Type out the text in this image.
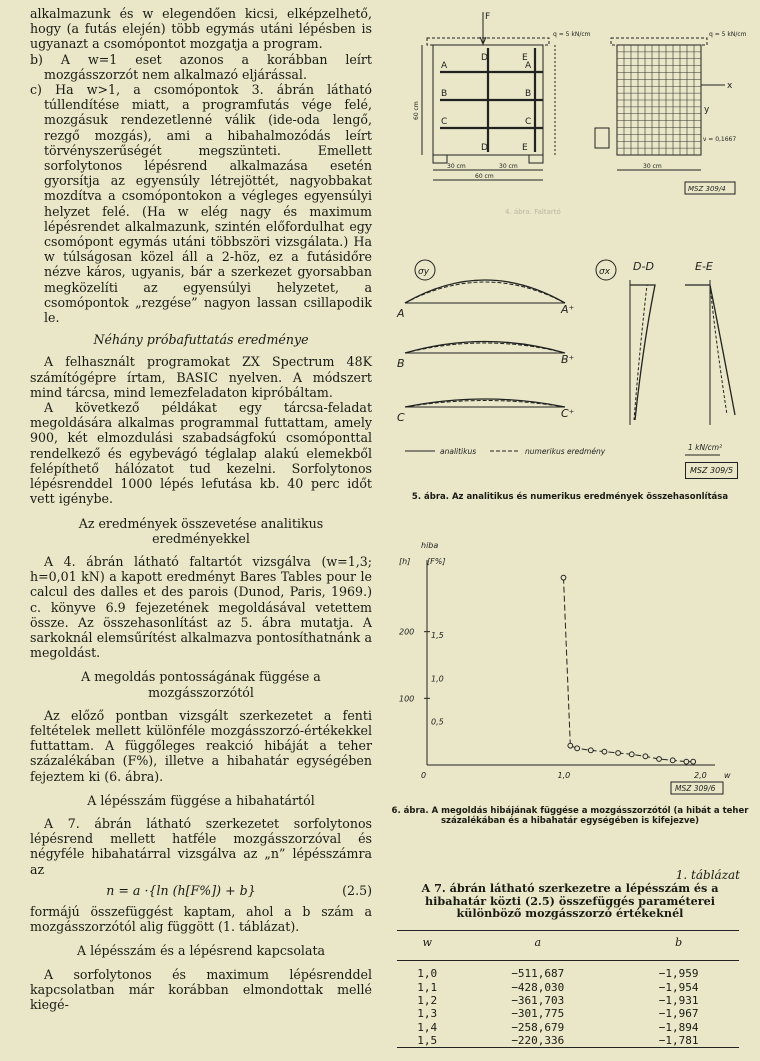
alkalmazunk és w elegendően kicsi, elképzelhető, hogy (a futás elején) több egymás utáni lépésben is ugyanazt a csomópontot mozgatja a program.

b) A w=1 eset azonos a korábban leírt mozgásszorzót nem alkalmazó eljárással.

c) Ha w>1, a csomópontok 3. ábrán látható túllendítése miatt, a programfutás vége felé, mozgásuk rendezetlenné válik (ide-oda lengő, rezgő mozgás), ami a hibahalmozódás leírt törvényszerűségét megszünteti. Emellett sorfolytonos lépésrend alkalmazása esetén gyorsítja az egyensúly létrejöttét, nagyobbakat mozdítva a csomópontokon a végleges egyensúlyi helyzet felé. (Ha w elég nagy és maximum lépésrendet alkalmazunk, szintén előfordulhat egy csomópont egymás utáni többszöri vizsgálata.) Ha w túlságosan közel áll a 2-höz, ez a futásidőre nézve káros, ugyanis, bár a szerkezet gyorsabban megközelíti az egyensúlyi helyzetet, a csomópontok „rezgése” nagyon lassan csillapodik le.

Néhány próbafuttatás eredménye

A felhasznált programokat ZX Spectrum 48K számítógépre írtam, BASIC nyelven. A módszert mind tárcsa, mind lemezfeladaton kipróbáltam.

A következő példákat egy tárcsa-feladat megoldására alkalmas programmal futtattam, amely 900, két elmozdulási szabadságfokú csomóponttal rendelkező és egybevágó téglalap alakú elemekből felépíthető hálózatot tud kezelni. Sorfolytonos lépésrenddel 1000 lépés lefutása kb. 40 perc időt vett igénybe.

Az eredmények összevetése analitikus eredményekkel

A 4. ábrán látható faltartót vizsgálva (w=1,3; h=0,01 kN) a kapott eredményt Bares Tables pour le calcul des dalles et des parois (Dunod, Paris, 1969.) c. könyve 6.9 fejezetének megoldásával vetettem össze. Az összehasonlítást az 5. ábra mutatja. A sarkoknál elemsűrítést alkalmazva pontosíthatnánk a megoldást.

A megoldás pontosságának függése a mozgásszorzótól

Az előző pontban vizsgált szerkezetet a fenti feltételek mellett különféle mozgásszorzó-értékekkel futtattam. A függőleges reakció hibáját a teher százalékában (F%), illetve a hibahatár egységében fejeztem ki (6. ábra).

A lépésszám függése a hibahatártól

A 7. ábrán látható szerkezetet sorfolytonos lépésrend mellett hatféle mozgásszorzóval és négyféle hibahatárral vizsgálva az „n” lépésszámra az

n = a ·{ln (h[F%]) + b}	(2.5)

formájú összefüggést kaptam, ahol a b szám a mozgásszorzótól alig függött (1. táblázat).

A lépésszám és a lépésrend kapcsolata

A sorfolytonos és maximum lépésrenddel kapcsolatban már korábban elmondottak mellé kiegé-

F
q = 5 kN/cm	q = 5 kN/cm
A
B
C
D
D
E
E
B
C
A
60 cm
30 cm	30 cm
60 cm
30 cm
x
y
ν = 0,1667
MSZ 309/4
4. ábra. Faltartó
σy	σx D-D	E-E
A	A⁺
B	B⁺
C	C⁺
analitikus	numerikus eredmény	1 kN/cm²
MSZ 309/5
5. ábra. Az analitikus és numerikus eredmények összehasonlítása
hiba
[h] [F%]
w
0	1,0	2,0
100
200
0,5
1,0
1,5
MSZ 309/6
6. ábra. A megoldás hibájának függése a mozgásszorzótól (a hibát a teher százalékában és a hibahatár egységében is kifejezve)
1. táblázat
A 7. ábrán látható szerkezetre a lépésszám és a hibahatár közti (2.5) összefüggés paraméterei különböző mozgásszorzó értékeknél
w	a	b
1,0	−511,687	−1,959
1,1	−428,030	−1,954
1,2	−361,703	−1,931
1,3	−301,775	−1,967
1,4	−258,679	−1,894
1,5	−220,336	−1,781
